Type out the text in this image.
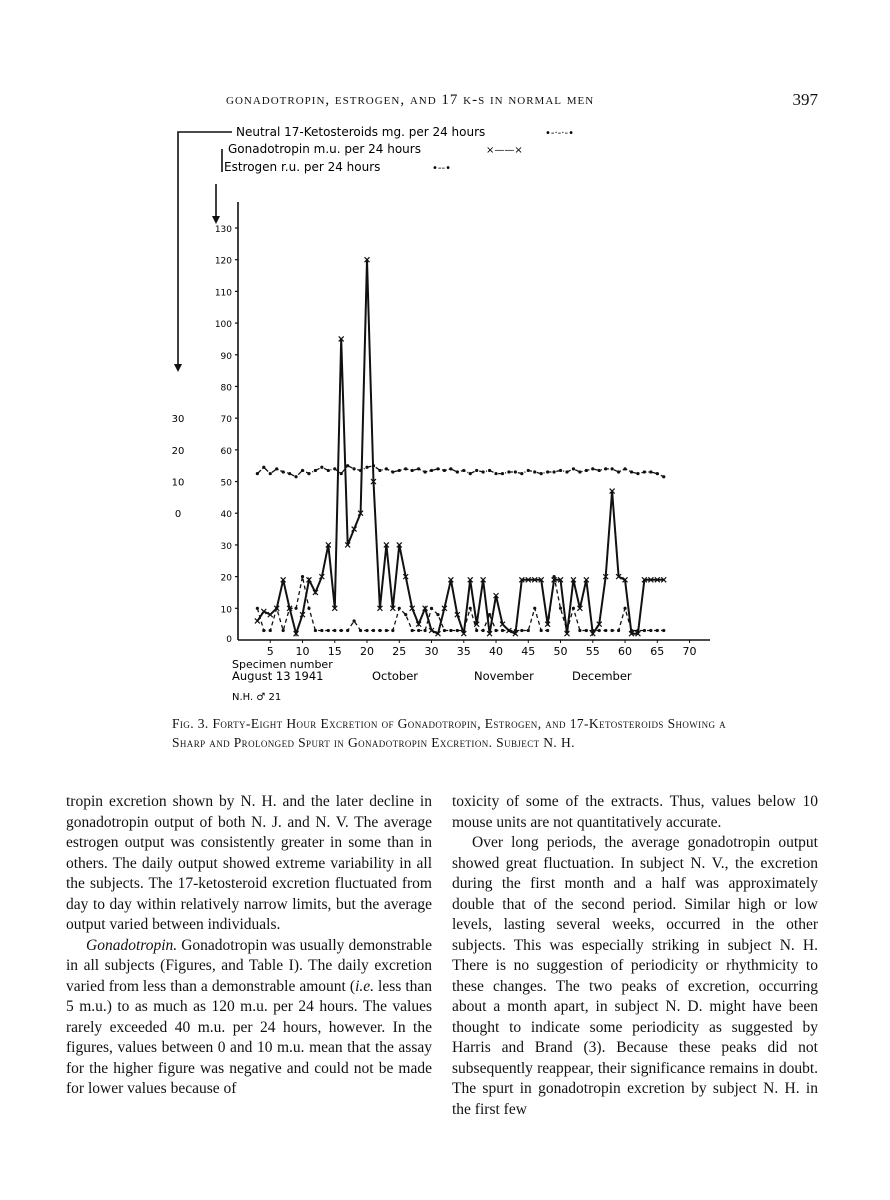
gonadotropin, estrogen, and 17 k-s in normal men	397
Neutral 17-Ketosteroids mg. per 24 hours	•-·-·-•
Gonadotropin m.u. per 24 hours	×——×
Estrogen r.u. per 24 hours	•--•
10
20
30
40
50
60
70
80
90
100
110
120
130
0
0
10
20
30
5 10 15 20 25 30 35 40 45 50 55 60 65 70
Specimen number
August 13 1941	October	November	December
N.H. ♂ 21
Fig. 3. Forty-Eight Hour Excretion of Gonadotropin, Estrogen, and 17-Ketosteroids Showing a Sharp and Prolonged Spurt in Gonadotropin Excretion. Subject N. H.

tropin excretion shown by N. H. and the later decline in gonadotropin output of both N. J. and N. V. The average estrogen output was consistently greater in some than in others. The daily output showed extreme variability in all the subjects. The 17-ketosteroid excretion fluctuated from day to day within relatively narrow limits, but the average output varied between individuals.

Gonadotropin. Gonadotropin was usually demonstrable in all subjects (Figures, and Table I). The daily excretion varied from less than a demonstrable amount (i.e. less than 5 m.u.) to as much as 120 m.u. per 24 hours. The values rarely exceeded 40 m.u. per 24 hours, however. In the figures, values between 0 and 10 m.u. mean that the assay for the higher figure was negative and could not be made for lower values because of

toxicity of some of the extracts. Thus, values below 10 mouse units are not quantitatively accurate.

Over long periods, the average gonadotropin output showed great fluctuation. In subject N. V., the excretion during the first month and a half was approximately double that of the second period. Similar high or low levels, lasting several weeks, occurred in the other subjects. This was especially striking in subject N. H. There is no suggestion of periodicity or rhythmicity to these changes. The two peaks of excretion, occurring about a month apart, in subject N. D. might have been thought to indicate some periodicity as suggested by Harris and Brand (3). Because these peaks did not subsequently reappear, their significance remains in doubt. The spurt in gonadotropin excretion by subject N. H. in the first few
